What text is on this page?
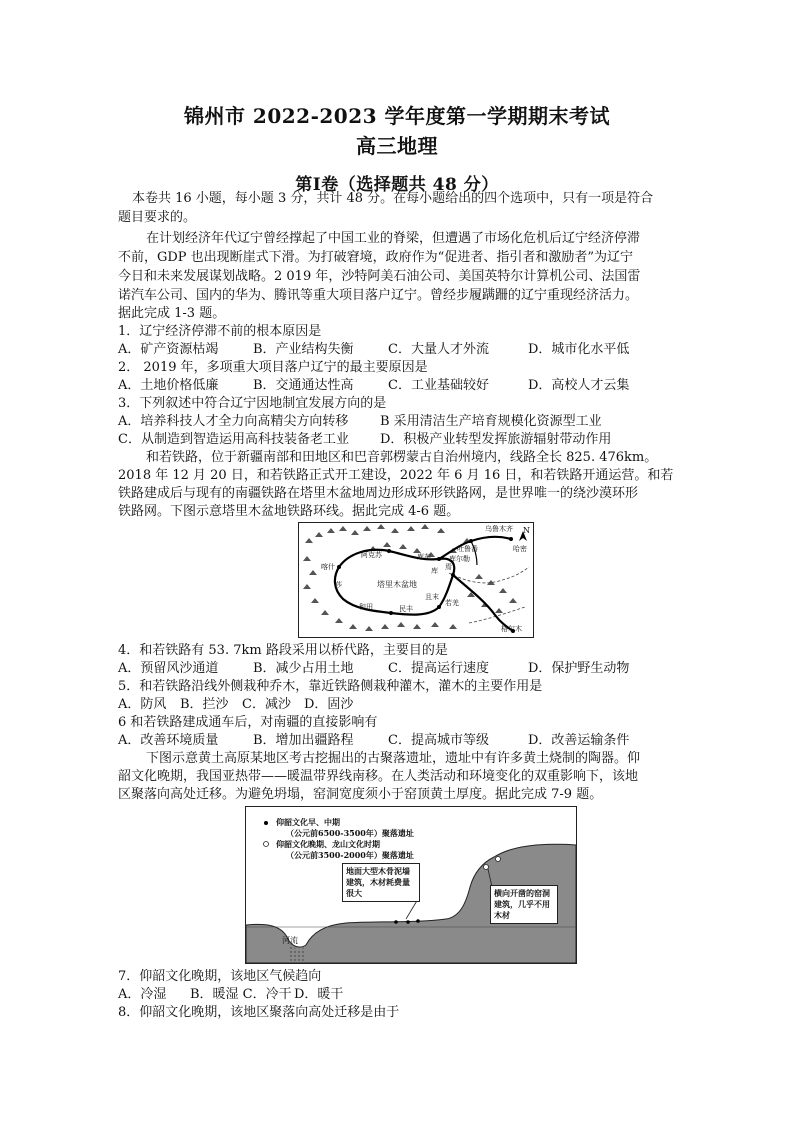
锦州市 2022-2023 学年度第一学期期末考试
高三地理
第Ⅰ卷（选择题共 48 分）
本卷共 16 小题，每小题 3 分，共计 48 分。在每小题给出的四个选项中，只有一项是符合
题目要求的。
在计划经济年代辽宁曾经撑起了中国工业的脊梁，但遭遇了市场化危机后辽宁经济停滞
不前，GDP 也出现断崖式下滑。为打破窘境，政府作为“促进者、指引者和激励者”为辽宁
今日和未来发展谋划战略。2 019 年，沙特阿美石油公司、美国英特尔计算机公司、法国雷
诺汽车公司、国内的华为、腾讯等重大项目落户辽宁。曾经步履蹒跚的辽宁重现经济活力。
据此完成 1-3 题。
1．辽宁经济停滞不前的根本原因是
A．矿产资源枯竭	B．产业结构失衡	C．大量人才外流	D．城市化水平低
2． 2019 年，多项重大项目落户辽宁的最主要原因是
A．土地价格低廉	B．交通通达性高	C．工业基础较好	D．高校人才云集
3．下列叙述中符合辽宁因地制宜发展方向的是
A．培养科技人才全力向高精尖方向转移 B 采用清洁生产培育规模化资源型工业
C．从制造到智造运用高科技装备老工业 D．积极产业转型发挥旅游辐射带动作用
和若铁路，位于新疆南部和田地区和巴音郭楞蒙古自治州境内，线路全长 825. 476km。
2018 年 12 月 20 日，和若铁路正式开工建设，2022 年 6 月 16 日，和若铁路开通运营。和若
铁路建成后与现有的南疆铁路在塔里木盆地周边形成环形铁路网，是世界唯一的绕沙漠环形
铁路网。下图示意塔里木盆地铁路环线。据此完成 4-6 题。
乌鲁木齐 N
吐鲁番	哈密
库尔勒
阿克苏	库车
焉
库
喀什
莎	塔里木盆地
和田	民丰
且末
若羌
格尔木
4．和若铁路有 53. 7km 路段采用以桥代路，主要目的是
A．预留风沙通道	B．减少占用土地	C．提高运行速度	D．保护野生动物
5．和若铁路沿线外侧栽种乔木，靠近铁路侧栽种灌木，灌木的主要作用是
A．防风 B．拦沙 C．减沙 D．固沙
6 和若铁路建成通车后，对南疆的直接影响有
A．改善环境质量	B．增加出疆路程	C．提高城市等级	D．改善运输条件
下图示意黄土高原某地区考古挖掘出的古聚落遗址，遗址中有许多黄土烧制的陶器。仰
韶文化晚期，我国亚热带——暖温带界线南移。在人类活动和环境变化的双重影响下，该地
区聚落向高处迁移。为避免坍塌，窑洞宽度须小于窑顶黄土厚度。据此完成 7-9 题。
仰韶文化早、中期
（公元前6500-3500年）聚落遗址
仰韶文化晚期、龙山文化时期
（公元前3500-2000年）聚落遗址
地面大型木骨泥墙建筑，木材耗费量很大	横向开凿的窑洞建筑，几乎不用木材
河流
7．仰韶文化晚期，该地区气候趋向
A．冷湿 B．暖湿 C．冷干 D．暖干
8．仰韶文化晚期，该地区聚落向高处迁移是由于
